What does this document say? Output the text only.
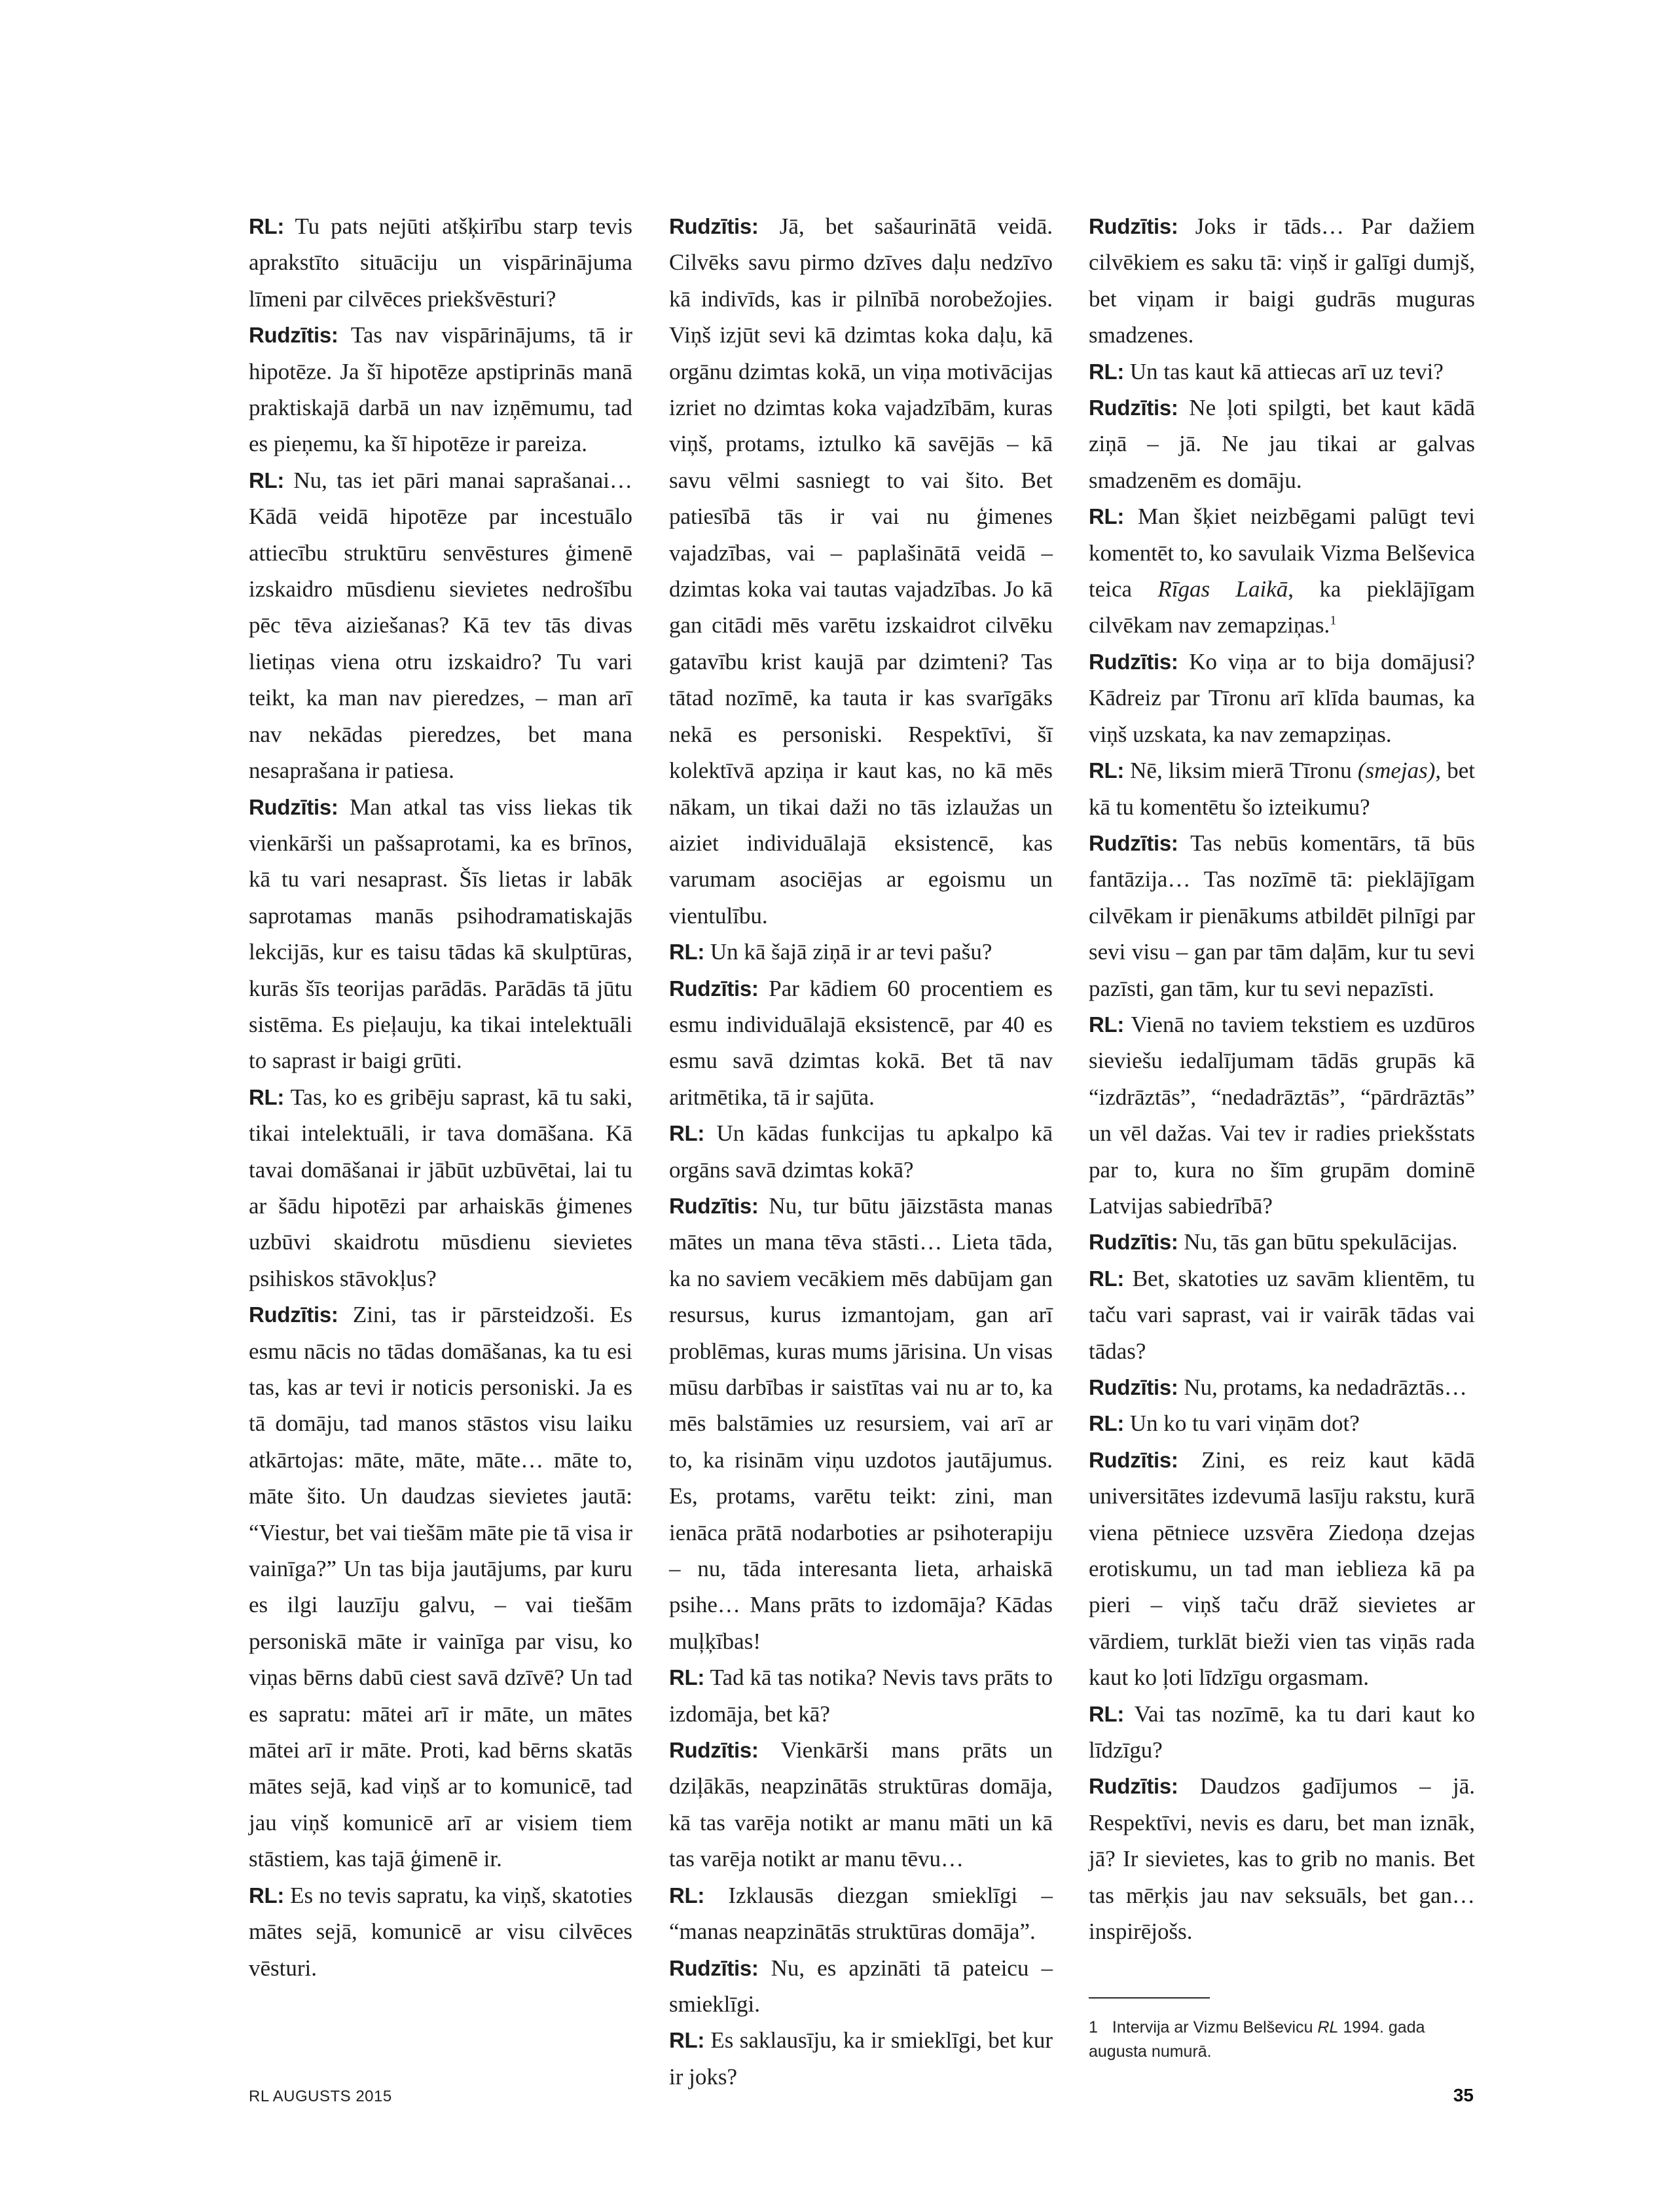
RL: Tu pats nejūti atšķirību starp tevis aprakstīto situāciju un vispārinājuma līmeni par cilvēces priekšvēsturi?

Rudzītis: Tas nav vispārinājums, tā ir hipotēze. Ja šī hipotēze apstiprinās manā praktiskajā darbā un nav izņēmumu, tad es pieņemu, ka šī hipotēze ir pareiza.

RL: Nu, tas iet pāri manai saprašanai… Kādā veidā hipotēze par incestuālo attiecību struktūru senvēstures ģimenē izskaidro mūsdienu sievietes nedrošību pēc tēva aiziešanas? Kā tev tās divas lietiņas viena otru izskaidro? Tu vari teikt, ka man nav pieredzes, – man arī nav nekādas pieredzes, bet mana nesaprašana ir patiesa.

Rudzītis: Man atkal tas viss liekas tik vienkārši un pašsaprotami, ka es brīnos, kā tu vari nesaprast. Šīs lietas ir labāk saprotamas manās psihodramatiskajās lekcijās, kur es taisu tādas kā skulptūras, kurās šīs teorijas parādās. Parādās tā jūtu sistēma. Es pieļauju, ka tikai intelektuāli to saprast ir baigi grūti.

RL: Tas, ko es gribēju saprast, kā tu saki, tikai intelektuāli, ir tava domāšana. Kā tavai domāšanai ir jābūt uzbūvētai, lai tu ar šādu hipotēzi par arhaiskās ģimenes uzbūvi skaidrotu mūsdienu sievietes psihiskos stāvokļus?

Rudzītis: Zini, tas ir pārsteidzoši. Es esmu nācis no tādas domāšanas, ka tu esi tas, kas ar tevi ir noticis personiski. Ja es tā domāju, tad manos stāstos visu laiku atkārtojas: māte, māte, māte… māte to, māte šito. Un daudzas sievietes jautā: “Viestur, bet vai tiešām māte pie tā visa ir vainīga?” Un tas bija jautājums, par kuru es ilgi lauzīju galvu, – vai tiešām personiskā māte ir vainīga par visu, ko viņas bērns dabū ciest savā dzīvē? Un tad es sapratu: mātei arī ir māte, un mātes mātei arī ir māte. Proti, kad bērns skatās mātes sejā, kad viņš ar to komunicē, tad jau viņš komunicē arī ar visiem tiem stāstiem, kas tajā ģimenē ir.

RL: Es no tevis sapratu, ka viņš, skatoties mātes sejā, komunicē ar visu cilvēces vēsturi.

Rudzītis: Jā, bet sašaurinātā veidā. Cilvēks savu pirmo dzīves daļu nedzīvo kā indivīds, kas ir pilnībā norobežojies. Viņš izjūt sevi kā dzimtas koka daļu, kā orgānu dzimtas kokā, un viņa motivācijas izriet no dzimtas koka vajadzībām, kuras viņš, protams, iztulko kā savējās – kā savu vēlmi sasniegt to vai šito. Bet patiesībā tās ir vai nu ģimenes vajadzības, vai – paplašinātā veidā – dzimtas koka vai tautas vajadzības. Jo kā gan citādi mēs varētu izskaidrot cilvēku gatavību krist kaujā par dzimteni? Tas tātad nozīmē, ka tauta ir kas svarīgāks nekā es personiski. Respektīvi, šī kolektīvā apziņa ir kaut kas, no kā mēs nākam, un tikai daži no tās izlaužas un aiziet individuālajā eksistencē, kas varumam asociējas ar egoismu un vientulību.

RL: Un kā šajā ziņā ir ar tevi pašu?

Rudzītis: Par kādiem 60 procentiem es esmu individuālajā eksistencē, par 40 es esmu savā dzimtas kokā. Bet tā nav aritmētika, tā ir sajūta.

RL: Un kādas funkcijas tu apkalpo kā orgāns savā dzimtas kokā?

Rudzītis: Nu, tur būtu jāizstāsta manas mātes un mana tēva stāsti… Lieta tāda, ka no saviem vecākiem mēs dabūjam gan resursus, kurus izmantojam, gan arī problēmas, kuras mums jārisina. Un visas mūsu darbības ir saistītas vai nu ar to, ka mēs balstāmies uz resursiem, vai arī ar to, ka risinām viņu uzdotos jautājumus. Es, protams, varētu teikt: zini, man ienāca prātā nodarboties ar psihoterapiju – nu, tāda interesanta lieta, arhaiskā psihe… Mans prāts to izdomāja? Kādas muļķības!

RL: Tad kā tas notika? Nevis tavs prāts to izdomāja, bet kā?

Rudzītis: Vienkārši mans prāts un dziļākās, neapzinātās struktūras domāja, kā tas varēja notikt ar manu māti un kā tas varēja notikt ar manu tēvu…

RL: Izklausās diezgan smieklīgi – “manas neapzinātās struktūras domāja”.

Rudzītis: Nu, es apzināti tā pateicu – smieklīgi.

RL: Es saklausīju, ka ir smieklīgi, bet kur ir joks?

Rudzītis: Joks ir tāds… Par dažiem cilvēkiem es saku tā: viņš ir galīgi dumjš, bet viņam ir baigi gudrās muguras smadzenes.

RL: Un tas kaut kā attiecas arī uz tevi?

Rudzītis: Ne ļoti spilgti, bet kaut kādā ziņā – jā. Ne jau tikai ar galvas smadzenēm es domāju.

RL: Man šķiet neizbēgami palūgt tevi komentēt to, ko savulaik Vizma Belševica teica Rīgas Laikā, ka pieklājīgam cilvēkam nav zemapziņas.$^1$

Rudzītis: Ko viņa ar to bija domājusi? Kādreiz par Tīronu arī klīda baumas, ka viņš uzskata, ka nav zemapziņas.

RL: Nē, liksim mierā Tīronu (smejas), bet kā tu komentētu šo izteikumu?

Rudzītis: Tas nebūs komentārs, tā būs fantāzija… Tas nozīmē tā: pieklājīgam cilvēkam ir pienākums atbildēt pilnīgi par sevi visu – gan par tām daļām, kur tu sevi pazīsti, gan tām, kur tu sevi nepazīsti.

RL: Vienā no taviem tekstiem es uzdūros sieviešu iedalījumam tādās grupās kā “izdrāztās”, “nedadrāztās”, “pārdrāztās” un vēl dažas. Vai tev ir radies priekšstats par to, kura no šīm grupām dominē Latvijas sabiedrībā?

Rudzītis: Nu, tās gan būtu spekulācijas.

RL: Bet, skatoties uz savām klientēm, tu taču vari saprast, vai ir vairāk tādas vai tādas?

Rudzītis: Nu, protams, ka nedadrāztās…

RL: Un ko tu vari viņām dot?

Rudzītis: Zini, es reiz kaut kādā universitātes izdevumā lasīju rakstu, kurā viena pētniece uzsvēra Ziedoņa dzejas erotiskumu, un tad man ieblieza kā pa pieri – viņš taču drāž sievietes ar vārdiem, turklāt bieži vien tas viņās rada kaut ko ļoti līdzīgu orgasmam.

RL: Vai tas nozīmē, ka tu dari kaut ko līdzīgu?

Rudzītis: Daudzos gadījumos – jā. Respektīvi, nevis es daru, bet man iznāk, jā? Ir sievietes, kas to grib no manis. Bet tas mērķis jau nav seksuāls, bet gan… inspirējošs.

1 Intervija ar Vizmu Belševicu RL 1994. gada augusta numurā.
RL AUGUSTS 2015	35
